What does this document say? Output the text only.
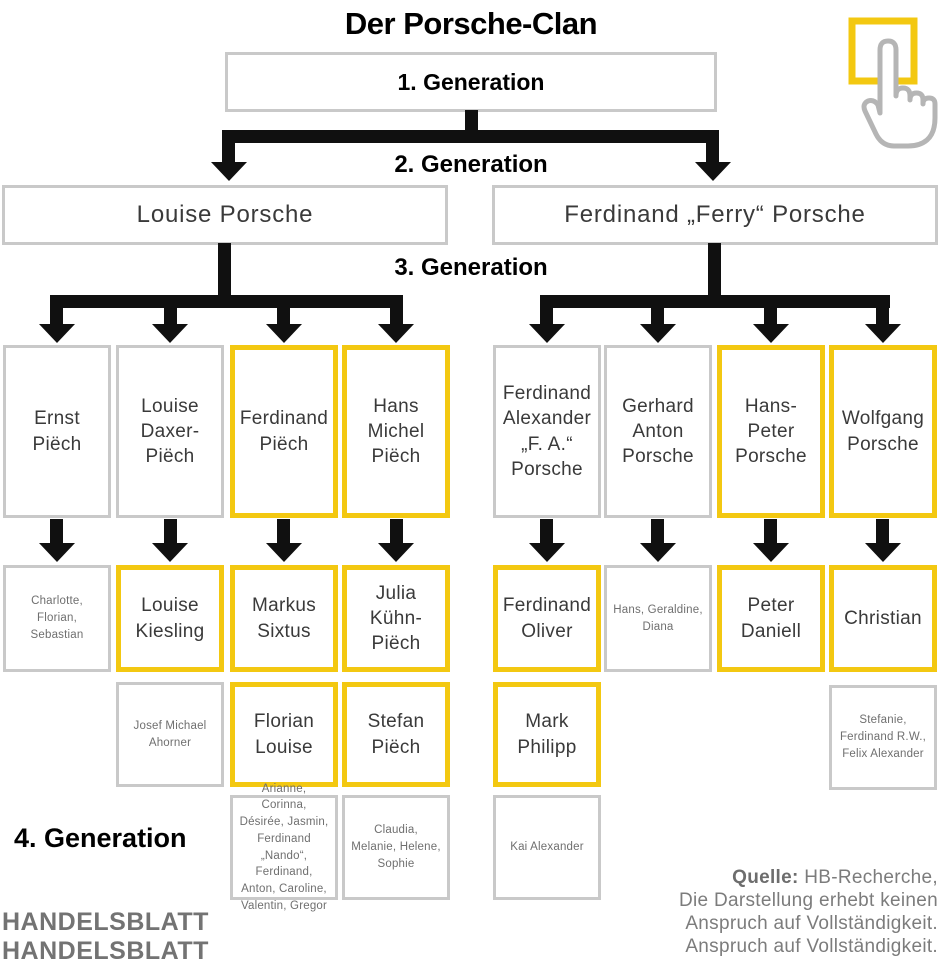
Der Porsche-Clan
1. Generation
2. Generation
Louise Porsche	Ferdinand „Ferry“ Porsche
3. Generation
Ernst Piëch
Louise Daxer-Piëch
Ferdinand Piëch
Hans Michel Piëch
Ferdinand Alexander „F. A.“ Porsche
Gerhard Anton Porsche
Hans-Peter Porsche
Wolfgang Porsche
Charlotte, Florian, Sebastian
Louise Kiesling
Markus Sixtus
Julia Kühn-Piëch
Ferdinand Oliver
Hans, Geraldine, Diana
Peter Daniell
Christian
Josef Michael Ahorner
Florian Louise
Stefan Piëch
Mark Philipp
Stefanie, Ferdinand R.W., Felix Alexander
Arianne, Corinna, Désirée, Jasmin, Ferdinand „Nando“, Ferdinand, Anton, Caroline, Valentin, Gregor
Claudia, Melanie, Helene, Sophie
Kai Alexander
4. Generation
HANDELSBLATT
HANDELSBLATT
Quelle: HB-Recherche,
Die Darstellung erhebt keinen
Anspruch auf Vollständigkeit.
Anspruch auf Vollständigkeit.
